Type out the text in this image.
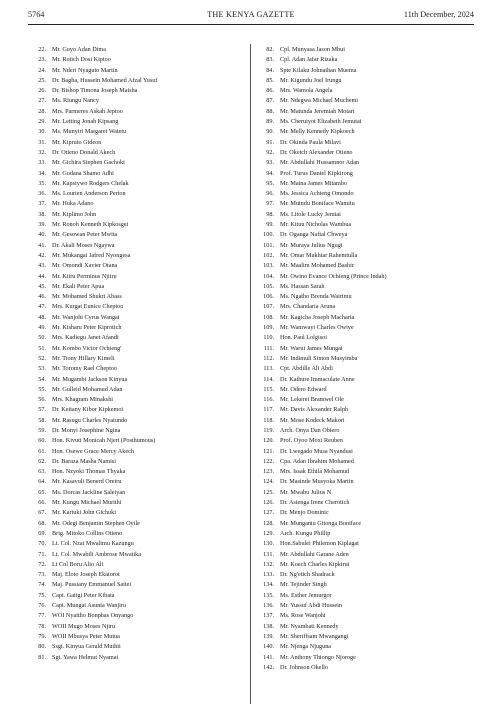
5764	THE KENYA GAZETTE	11th December, 2024
22. Mr. Guyo Adan Dima
23. Mr. Rotich Dosi Kiptoo
24. Mr. Nderi Nyaguto Martin
25. Dr. Bagha, Hussein Mohamed Afzal Yusuf
26. Dr. Bishop Timona Joseph Maisha
27. Ms. Riungu Nancy
28. Mrs. Parmeres Askah Jeptoo
29. Mr. Letting Jonah Kipsang
30. Ms. Munyiri Margaret Watetu
31. Mr. Kipruto Gideon
32. Dr. Otieno Donald Akech
33. Mr. Gichira Stephen Gachoki
34. Mr. Godana Shamo Adhi
35. Mr. Kapsiywo Rodgers Chelak
36. Ms. Lourien Anderson Perton
37. Mr. Huka Adano
38. Mr. Kiplimo John
39. Mr. Ronoh Kenneth Kipkosgei
40. Mr. Gesowan Peter Mwita
41. Dr. Akali Moses Ngaywa
42. Mr. Mukangai Jafred Nyongesa
43. Mr. Omondi Xavier Otana
44. Mr. Kiiru Perminus Njiiru
45. Mr. Ekali Peter Apua
46. Mr. Mohamed Shukri Abass
47. Mrs. Kurgat Eunice Cheptoo
48. Mr. Wanjohi Cyrus Wangai
49. Mr. Kisharu Peter Kiprotich
50. Mrs. Kadiegu Janet Afandi
51. Mr. Kombo Victor Ochieng'
52. Mr. Tiony Hillary Kimeli
53. Mr. Toromy Rael Cheptoo
54. Mr. Mugambi Jackson Kinyua
55. Mr. Gulleid Mohamud Adan
56. Mrs. Khagram Minakshi
57. Dr. Keitany Kibor Kipkemoi
58. Mr. Rasugu Charles Nyatundo
59. Dr. Monyi Josephine Ngina
60. Hon. Kivuti Monicah Njeri (Posthumous)
61. Hon. Osewe Grace Mercy Akech
62. Dr. Baraza Masha Namisi
63. Hon. Nzyoki Thomas Thyaka
64. Mr. Kasavuli Benerd Oreiru
65. Ms. Dorcas Jackline Saleiyan
66. Mr. Kungu Michael Murithi
67. Mr. Kariuki John Gichuki
68. Mr. Odegi Benjamin Stephen Oyile
69. Brig. Mitoko Collins Otieno
70. Lt. Col. Nzai Mwalimu Kazungu
71. Lt. Col. Mwabili Ambrose Mwatika
72. Lt Col Boru Alio Ali
73. Maj. Eloto Joseph Ekatorot
74. Maj. Pussiany Emmanuel Saitei
75. Capt. Gatigi Peter Kibata
76. Capt. Mungai Asunta Wanjiru
77. WOI Nyaitho Bonphas Onyango
78. WOII Mugo Moses Njiru
79. WOII Mbusya Peter Mutua
80. Ssgt. Kinyua Gerald Muthii
81. Sgt. Yawa Helmut Nyamai
82. Cpl. Munyasa Jason Mbui
83. Cpl. Adan Jafar Rizaka
84. Spte Kilaku Johnathan Muema
85. Mr. Kigundu Joel Irungu
86. Mrs. Wamola Angela
87. Mr. Ndegwa Michael Muchemi
88. Mr. Matunda Jeremiah Motari
89. Ms. Cheruiyot Elizabeth Jemutai
90. Mr. Melly Kennedy Kipkoech
91. Dr. Okinda Paula Milavi
92. Dr. Oketch Alexander Otieno
93. Mr. Abdullahi Hussamnor Adan
94. Prof. Turus Daniel Kipkirong
95. Mr. Maina James Mitambo
96. Ms. Jessica Achieng Omondo
97. Mr. Muindu Boniface Wamitu
98. Ms. Litole Lucky Jemtai
99. Mr. Kituu Nicholas Wambua
100. Dr. Oganga Naftal Chweya
101. Mr. Muraya Julius Ngugi
102. Mr. Omar Mukhtar Rahemtulla
103. Mr. Maalim Mohamed Bashir
104. Mr. Owino Evance Ochieng (Prince Indah)
105. Ms. Hassan Sarah
106. Ms. Ngatho Brenda Wairimu
107. Mrs. Chandaria Aruna
108. Mr. Kagicha Joseph Macharia
109. Mr. Wamwayi Charles Owiye
110. Hon. Paul Lolgisoi
111. Mr. Warui James Mungai
112. Mr. Indimuli Simon Musyimba
113. Cpt. Abdille Ali Abdi
114. Dr. Kathure Immaculate Anne
115. Mr. Odero Edward
116. Mr. Lekerei Bramwel Ole
117. Mr. Davis Alexander Ralph
118. Mr. Mose Kodeck Makori
119. Arch. Onya Dan Obiero
120. Prof. Oyoo Moxi Reuben
121. Dr. Lwegado Musa Nyandusi
122. Cpa. Adan Ibrahim Mohamed
123. Mrs. Issak Ethila Mohamud
124. Dr. Masinde Musyoka Martin
125. Mr. Mwabu Julius N
126. Dr. Asienga Irene Cherotich
127. Dr. Menjo Dominic
128. Mr. Munganiu Gitonga Boniface
129. Arch. Kungu Phillip
130. Hon.Sabulei Philemon Kiplagat
131. Mr. Abdullahi Garane Aden
132. Mr. Koech Charles Kipkirui
133. Dr. Ng'etich Shadrack
134. Mr. Tejinder Singh
135. Ms. Esther Jemurgor
136. Mr. Yussuf Abdi Hussein
137. Ms. Rose Wanjohi
138. Mr. Nyambati Kennedy
139. Mr. Sheriffsam Mwangangi
140. Mr. Njenga Njuguna
141. Mr. Anthony Thiongo Njoroge
142. Dr. Johnson Okello
